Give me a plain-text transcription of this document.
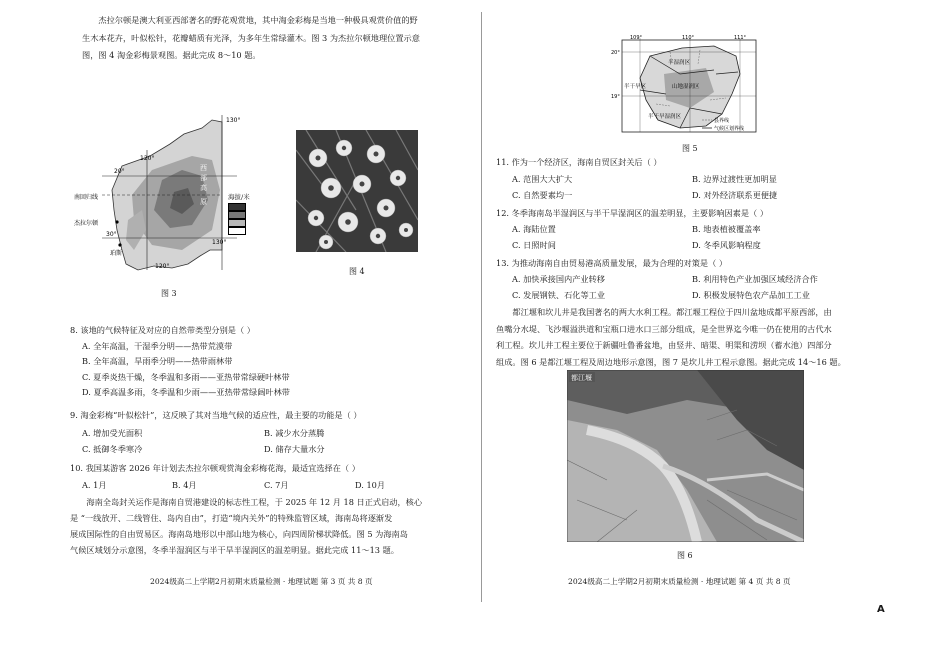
杰拉尔顿是澳大利亚西部著名的野花观赏地，其中淘金彩梅是当地一种极具观赏价值的野
生木本花卉，叶似松针，花瓣蜡质有光泽，为多年生常绿灌木。图 3 为杰拉尔顿地理位置示意
图，图 4 淘金彩梅景观图。据此完成 8～10 题。
120°
130°
20°
30°
120°
130°
西
部
高
原
南回归线
杰拉尔顿
珀斯
海拔/米
图 3
图 4
8. 该地的气候特征及对应的自然带类型分别是（ ）
A. 全年高温，干湿季分明——热带荒漠带
B. 全年高温，旱雨季分明——热带雨林带
C. 夏季炎热干燥，冬季温和多雨——亚热带常绿硬叶林带
D. 夏季高温多雨，冬季温和少雨——亚热带常绿阔叶林带
9. 淘金彩梅“叶似松针”，这反映了其对当地气候的适应性，最主要的功能是（ ）
A. 增加受光面积	B. 减少水分蒸腾
C. 抵御冬季寒冷	D. 储存大量水分
10. 我国某游客 2026 年计划去杰拉尔顿观赏淘金彩梅花海，最适宜选择在（ ）
A. 1月	B. 4月	C. 7月	D. 10月
海南全岛封关运作是海南自贸港建设的标志性工程，于 2025 年 12 月 18 日正式启动，核心
是 “一线放开、二线管住、岛内自由”，打造“境内关外”的特殊监管区域，海南岛将逐渐发
展成国际性的自由贸易区。海南岛地形以中部山地为核心，向四周阶梯状降低。图 5 为海南岛
气候区域划分示意图，冬季半湿润区与半干旱半湿润区的温差明显。据此完成 11～13 题。
2024级高二上学期2月初期末质量检测 · 地理试题 第 3 页 共 8 页
109°	110°	111°
20°
19°
半湿润区
山地湿润区
半干旱区
半干旱湿润区
县界线
气候区划界线
图 5
11. 作为一个经济区，海南自贸区封关后（ ）
A. 范围大大扩大	B. 边界过渡性更加明显
C. 自然要素均一	D. 对外经济联系更便捷
12. 冬季海南岛半湿润区与半干旱湿润区的温差明显，主要影响因素是（ ）
A. 海陆位置	B. 地表植被覆盖率
C. 日照时间	D. 冬季风影响程度
13. 为推动海南自由贸易港高质量发展，最为合理的对策是（ ）
A. 加快承接国内产业转移	B. 利用特色产业加强区域经济合作
C. 发展钢铁、石化等工业	D. 积极发展特色农产品加工工业
都江堰和坎儿井是我国著名的两大水利工程。都江堰工程位于四川盆地成都平原西部，由
鱼嘴分水堤、飞沙堰溢洪道和宝瓶口进水口三部分组成，是全世界迄今唯一仍在使用的古代水
利工程。坎儿井工程主要位于新疆吐鲁番盆地，由竖井、暗渠、明渠和涝坝（蓄水池）四部分
组成。图 6 是都江堰工程及周边地形示意图，图 7 是坎儿井工程示意图。据此完成 14～16 题。
都江堰
图 6
2024级高二上学期2月初期末质量检测 · 地理试题 第 4 页 共 8 页
A
